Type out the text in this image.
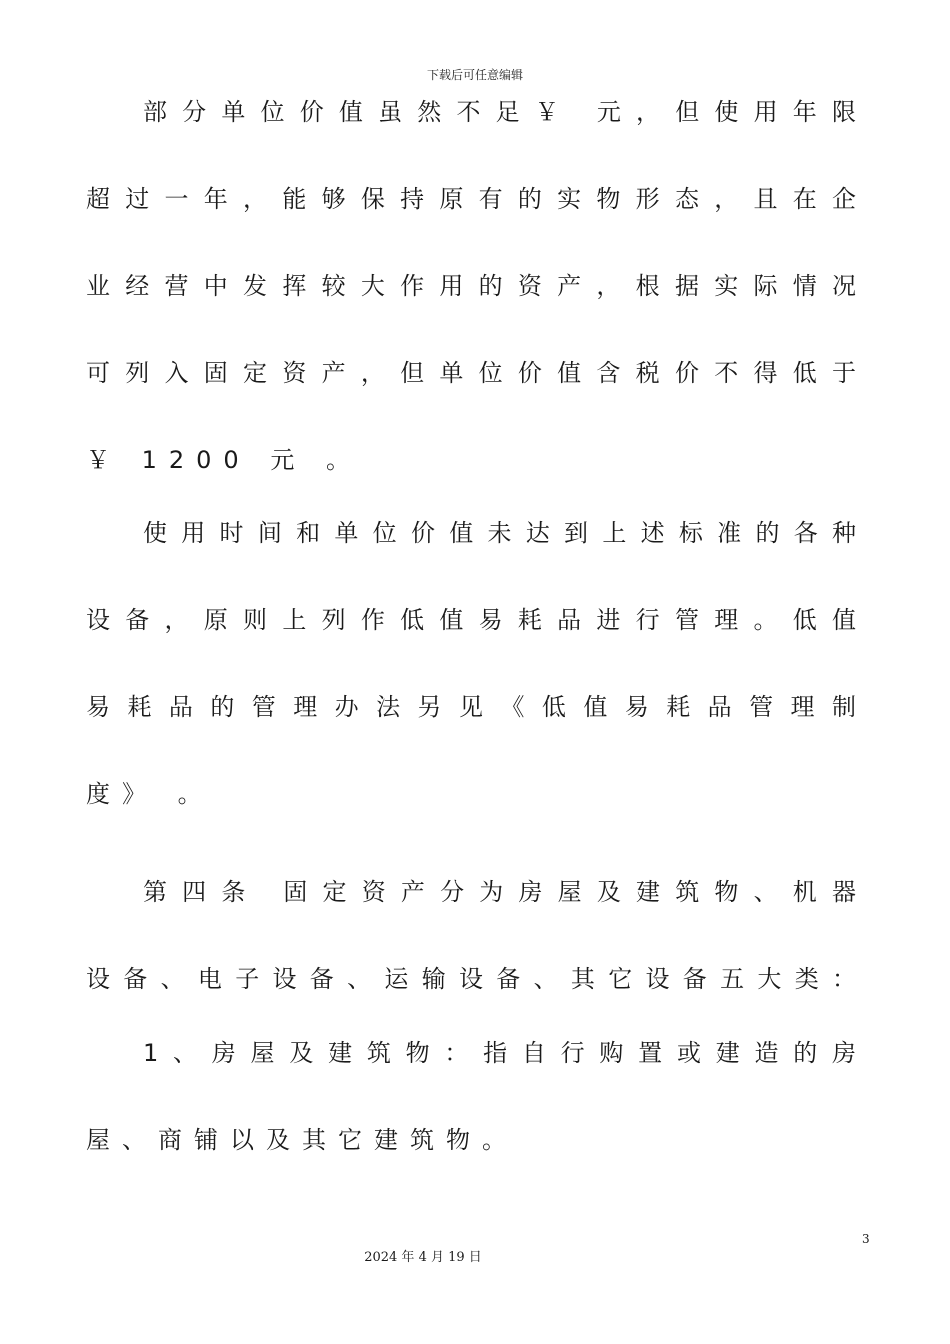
下载后可任意编辑
部分单位价值虽然不足￥ 元，但使用年限
超过一年，能够保持原有的实物形态，且在企
业经营中发挥较大作用的资产，根据实际情况
可列入固定资产，但单位价值含税价不得低于
￥ 1200 元 。
使用时间和单位价值未达到上述标准的各种
设备，原则上列作低值易耗品进行管理。低值
易耗品的管理办法另见《低值易耗品管理制
度》 。
第四条 固定资产分为房屋及建筑物、机器
设备、电子设备、运输设备、其它设备五大类：
1、房屋及建筑物：指自行购置或建造的房
屋、商铺以及其它建筑物。
3
2024 年 4 月 19 日
